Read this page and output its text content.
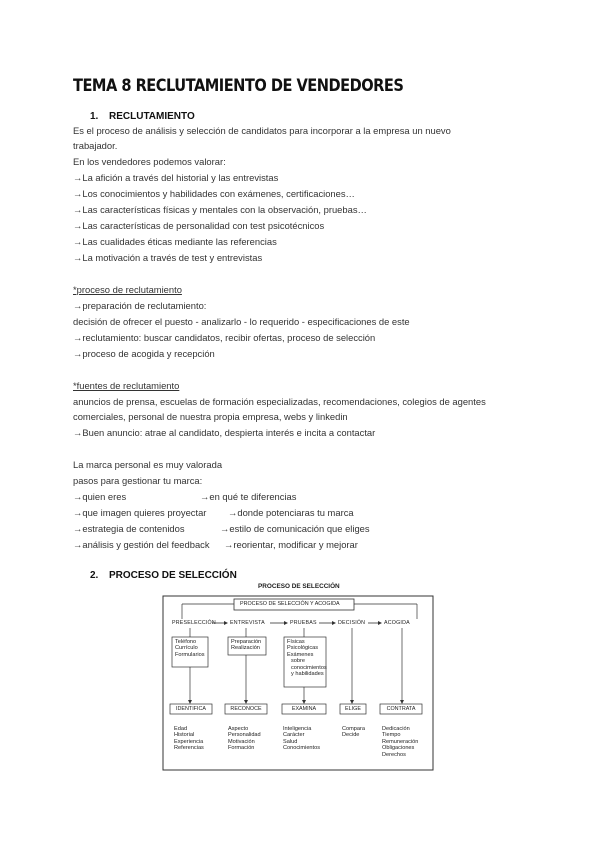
TEMA 8 RECLUTAMIENTO DE VENDEDORES
1. RECLUTAMIENTO
Es el proceso de análisis y selección de candidatos para incorporar a la empresa un nuevo
trabajador.
En los vendedores podemos valorar:
→La afición a través del historial y las entrevistas
→Los conocimientos y habilidades con exámenes, certificaciones…
→Las características físicas y mentales con la observación, pruebas…
→Las características de personalidad con test psicotécnicos
→Las cualidades éticas mediante las referencias
→La motivación a través de test y entrevistas
*proceso de reclutamiento
→preparación de reclutamiento:
decisión de ofrecer el puesto - analizarlo - lo requerido - especificaciones de este
→reclutamiento: buscar candidatos, recibir ofertas, proceso de selección
→proceso de acogida y recepción
*fuentes de reclutamiento
anuncios de prensa, escuelas de formación especializadas, recomendaciones, colegios de agentes
comerciales, personal de nuestra propia empresa, webs y linkedin
→Buen anuncio: atrae al candidato, despierta interés e incita a contactar
La marca personal es muy valorada
pasos para gestionar tu marca:
→quien eres	→en qué te diferencias
→que imagen quieres proyectar →donde potenciaras tu marca
→estrategia de contenidos	→estilo de comunicación que eliges
→análisis y gestión del feedback →reorientar, modificar y mejorar
2. PROCESO DE SELECCIÓN
PROCESO DE SELECCIÓN
PROCESO DE SELECCIÓN Y ACOGIDA
PRESELECCIÓN	ENTREVISTA	PRUEBAS	DECISIÓN	ACOGIDA
Teléfono
Currículo
Formularios
Preparación
Realización
Físicas
Psicológicas
Exámenes
sobre
conocimientos
y habilidades
IDENTIFICA	RECONOCE	EXAMINA	ELIGE	CONTRATA
Edad
Historial
Experiencia
Referencias
Aspecto
Personalidad
Motivación
Formación
Inteligencia
Carácter
Salud
Conocimientos
Compara
Decide
Dedicación
Tiempo
Remuneración
Obligaciones
Derechos
